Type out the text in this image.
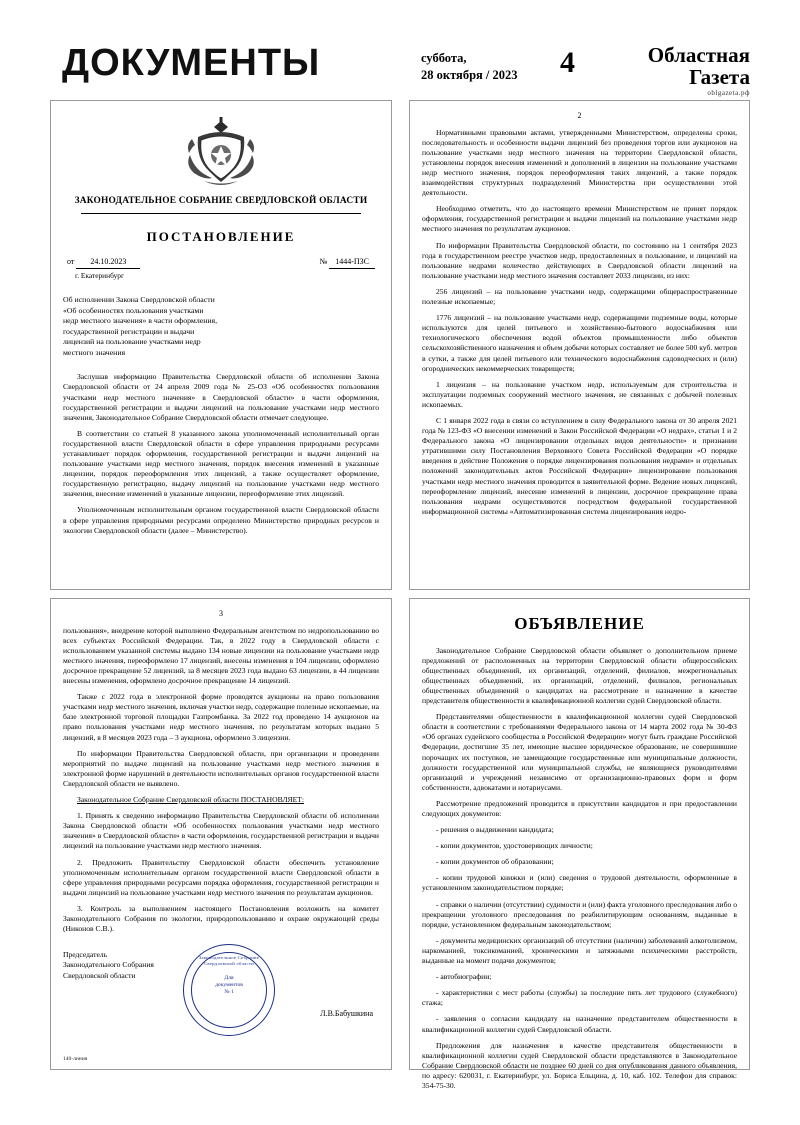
ДОКУМЕНТЫ	суббота,
28 октября / 2023 4	Областная
Газета
oblgazeta.рф
ЗАКОНОДАТЕЛЬНОЕ СОБРАНИЕ СВЕРДЛОВСКОЙ ОБЛАСТИ
ПОСТАНОВЛЕНИЕ
от 24.10.2023	№ 1444-ПЗС
г. Екатеринбург
Об исполнении Закона Свердловской области «Об особенностях пользования участками недр местного значения» в части оформления, государственной регистрации и выдачи лицензий на пользование участками недр местного значения

Заслушав информацию Правительства Свердловской области об исполнении Закона Свердловской области от 24 апреля 2009 года № 25-ОЗ «Об особенностях пользования участками недр местного значения» в Свердловской области» в части оформления, государственной регистрации и выдачи лицензий на пользование участками недр местного значения, Законодательное Собрание Свердловской области отмечает следующее.

В соответствии со статьей 8 указанного закона уполномоченный исполнительный орган государственной власти Свердловской области в сфере управления природными ресурсами устанавливает порядок оформления, государственной регистрации и выдачи лицензий на пользование участками недр местного значения, порядок внесения изменений в указанные лицензии, порядок переоформления этих лицензий, а также осуществляет оформление, государственную регистрацию, выдачу лицензий на пользование участками недр местного значения, внесение изменений в указанные лицензии, переоформление этих лицензий.

Уполномоченным исполнительным органом государственной власти Свердловской области в сфере управления природными ресурсами определено Министерство природных ресурсов и экологии Свердловской области (далее – Министерство).

2

Нормативными правовыми актами, утвержденными Министерством, определены сроки, последовательность и особенности выдачи лицензий без проведения торгов или аукционов на пользование участками недр местного значения на территории Свердловской области, установлены порядок внесения изменений и дополнений в лицензии на пользование участками недр местного значения, порядок переоформления таких лицензий, а также порядок взаимодействия структурных подразделений Министерства при осуществлении этой деятельности.

Необходимо отметить, что до настоящего времени Министерством не принят порядок оформления, государственной регистрации и выдачи лицензий на пользование участками недр местного значения по результатам аукционов.

По информации Правительства Свердловской области, по состоянию на 1 сентября 2023 года в государственном реестре участков недр, предоставленных в пользование, и лицензий на пользование недрами количество действующих в Свердловской области лицензий на пользование участками недр местного значения составляет 2033 лицензии, из них:

256 лицензий – на пользование участками недр, содержащими общераспространенные полезные ископаемые;

1776 лицензий – на пользование участками недр, содержащими подземные воды, которые используются для целей питьевого и хозяйственно-бытового водоснабжения или технологического обеспечения водой объектов промышленности либо объектов сельскохозяйственного назначения и объем добычи которых составляет не более 500 куб. метров в сутки, а также для целей питьевого или технического водоснабжения садоводческих и (или) огороднических некоммерческих товариществ;

1 лицензия – на пользование участком недр, используемым для строительства и эксплуатации подземных сооружений местного значения, не связанных с добычей полезных ископаемых.

С 1 января 2022 года в связи со вступлением в силу Федерального закона от 30 апреля 2021 года № 123-ФЗ «О внесении изменений в Закон Российской Федерации «О недрах», статьи 1 и 2 Федерального закона «О лицензировании отдельных видов деятельности» и признании утратившими силу Постановления Верховного Совета Российской Федерации «О порядке введения в действие Положения о порядке лицензирования пользования недрами» и отдельных положений законодательных актов Российской Федерации» лицензирование пользования участками недр местного значения проводится в заявительной форме. Ведение новых лицензий, переоформление лицензий, внесение изменений в лицензии, досрочное прекращение права пользования недрами осуществляются посредством федеральной государственной информационной системы «Автоматизированная система лицензирования недро-

3

пользования», внедрение которой выполнено Федеральным агентством по недропользованию во всех субъектах Российской Федерации. Так, в 2022 году в Свердловской области с использованием указанной системы выдано 134 новые лицензии на пользование участками недр местного значения, переоформлено 17 лицензий, внесены изменения в 104 лицензии, оформлено досрочное прекращение 52 лицензий, за 8 месяцев 2023 года выдано 63 лицензии, в 44 лицензии внесены изменения, оформлено досрочное прекращение 14 лицензий.

Также с 2022 года в электронной форме проводятся аукционы на право пользования участками недр местного значения, включая участки недр, содержащие полезные ископаемые, на базе электронной торговой площадки Газпромбанка. За 2022 год проведено 14 аукционов на право пользования участками недр местного значения, по результатам которых выдано 5 лицензий, в 8 месяцев 2023 года – 3 аукциона, оформлено 3 лицензии.

По информации Правительства Свердловской области, при организации и проведении мероприятий по выдаче лицензий на пользование участками недр местного значения в электронной форме нарушений в деятельности исполнительных органов государственной власти Свердловской области не выявлено.

Законодательное Собрание Свердловской области ПОСТАНОВЛЯЕТ:

1. Принять к сведению информацию Правительства Свердловской области об исполнении Закона Свердловской области «Об особенностях пользования участками недр местного значения» в Свердловской области» в части оформления, государственной регистрации и выдачи лицензий на пользование участками недр местного значения.

2. Предложить Правительству Свердловской области обеспечить установление уполномоченным исполнительным органом государственной власти Свердловской области в сфере управления природными ресурсами порядка оформления, государственной регистрации и выдачи лицензий на пользование участками недр местного значения по результатам аукционов.

3. Контроль за выполнением настоящего Постановления возложить на комитет Законодательного Собрания по экологии, природопользованию и охране окружающей среды (Никонов С.В.).

Председатель
Законодательного Собрания
Свердловской области
Законодательное Собрание Свердловской области
Для
документов
№ 1
Л.В.Бабушкина
140-линия
ОБЪЯВЛЕНИЕ

Законодательное Собрание Свердловской области объявляет о дополнительном приеме предложений от расположенных на территории Свердловской области общероссийских общественных объединений, их организаций, отделений, филиалов, межрегиональных общественных объединений, их организаций, отделений, филиалов, региональных общественных объединений о кандидатах на рассмотрение и назначение в качестве представителя общественности в квалификационной коллегии судей Свердловской области.

Представителями общественности в квалификационной коллегии судей Свердловской области в соответствии с требованиями Федерального закона от 14 марта 2002 года № 30-ФЗ «Об органах судейского сообщества в Российской Федерации» могут быть граждане Российской Федерации, достигшие 35 лет, имеющие высшее юридическое образование, не совершившие порочащих их поступков, не замещающие государственные или муниципальные должности, должности государственной или муниципальной службы, не являющиеся руководителями организаций и учреждений независимо от организационно-правовых форм и форм собственности, адвокатами и нотариусами.

Рассмотрение предложений проводится в присутствии кандидатов и при предоставлении следующих документов:

- решения о выдвижении кандидата;

- копии документов, удостоверяющих личности;

- копии документов об образовании;

- копии трудовой книжки и (или) сведения о трудовой деятельности, оформленные в установленном законодательством порядке;

- справки о наличии (отсутствии) судимости и (или) факта уголовного преследования либо о прекращении уголовного преследования по реабилитирующим основаниям, выданные в порядке, установленном федеральным законодательством;

- документы медицинских организаций об отсутствии (наличии) заболеваний алкоголизмом, наркоманией, токсикоманией, хроническими и затяжными психическими расстройств, выданные на момент подачи документов;

- автобиографии;

- характеристики с мест работы (службы) за последние пять лет трудового (служебного) стажа;

- заявления о согласии кандидату на назначение представителем общественности в квалификационной коллегии судей Свердловской области.

Предложения для назначения в качестве представителя общественности в квалификационной коллегии судей Свердловской области представляются в Законодательное Собрание Свердловской области не позднее 60 дней со дня опубликования данного объявления, по адресу: 620031, г. Екатеринбург, ул. Бориса Ельцина, д. 10, каб. 102. Телефон для справок: 354-75-30.
